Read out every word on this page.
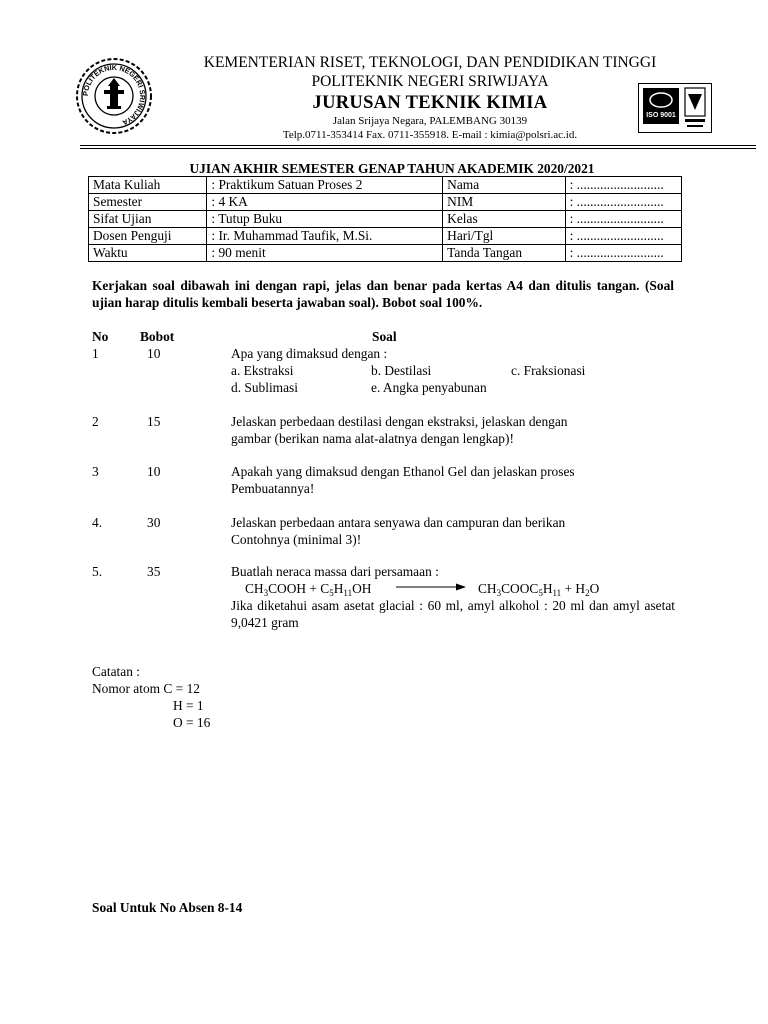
POLITEKNIK NEGERI SRIWIJAYA
KEMENTERIAN RISET, TEKNOLOGI, DAN PENDIDIKAN TINGGI
POLITEKNIK NEGERI SRIWIJAYA
JURUSAN TEKNIK KIMIA
Jalan Srijaya Negara, PALEMBANG 30139
Telp.0711-353414 Fax. 0711-355918. E-mail : kimia@polsri.ac.id.
ISO 9001
UJIAN AKHIR SEMESTER GENAP TAHUN AKADEMIK 2020/2021
Mata Kuliah	: Praktikum Satuan Proses 2	Nama	: ..........................
Semester	: 4 KA	NIM	: ..........................
Sifat Ujian	: Tutup Buku	Kelas	: ..........................
Dosen Penguji	: Ir. Muhammad Taufik, M.Si.	Hari/Tgl	: ..........................
Waktu	: 90 menit	Tanda Tangan	: ..........................
Kerjakan soal dibawah ini dengan rapi, jelas dan benar pada kertas A4 dan ditulis tangan. (Soal ujian harap ditulis kembali beserta jawaban soal). Bobot soal 100%.
No Bobot	Soal
1	10	Apa yang dimaksud dengan :
a. Ekstraksi	b. Destilasi	c. Fraksionasi
d. Sublimasi	e. Angka penyabunan
2	15	Jelaskan perbedaan destilasi dengan ekstraksi, jelaskan dengan
gambar (berikan nama alat-alatnya dengan lengkap)!
3	10	Apakah yang dimaksud dengan Ethanol Gel dan jelaskan proses
Pembuatannya!
4.	30	Jelaskan perbedaan antara senyawa dan campuran dan berikan
Contohnya (minimal 3)!
5.	35	Buatlah neraca massa dari persamaan :
$CH_3COOH + C_5H_{11}OH$	$CH_3COOC_5H_{11} + H_2O$
Jika diketahui asam asetat glacial : 60 ml, amyl alkohol : 20 ml dan amyl asetat 9,0421 gram
Catatan :
Nomor atom C = 12
H = 1
O = 16
Soal Untuk No Absen 8-14
